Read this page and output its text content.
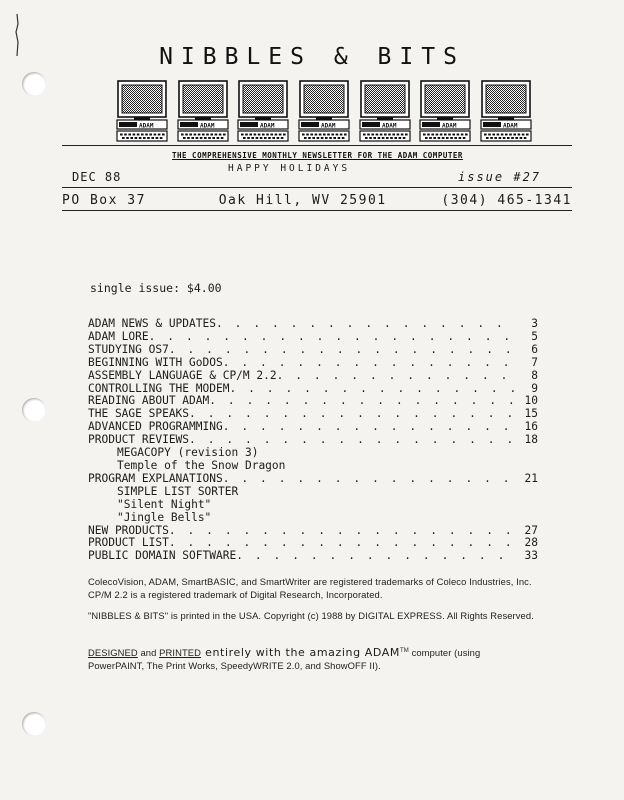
NIBBLES & BITS
ADAM	ADAM	ADAM	ADAM	ADAM	ADAM	ADAM
THE COMPREHENSIVE MONTHLY NEWSLETTER FOR THE ADAM COMPUTER
DEC 88
HAPPY HOLIDAYS
issue #27
PO Box 37	Oak Hill, WV 25901	(304) 465-1341
single issue: $4.00
ADAM NEWS & UPDATES . . .	3
ADAM LORE . . .	5
STUDYING OS7 . . .	6
BEGINNING WITH GoDOS . . .	7
ASSEMBLY LANGUAGE & CP/M 2.2 . . .	8
CONTROLLING THE MODEM . . .	9
READING ABOUT ADAM . . .	10
THE SAGE SPEAKS . . .	15
ADVANCED PROGRAMMING . . .	16
PRODUCT REVIEWS . . .	18
MEGACOPY (revision 3)
Temple of the Snow Dragon
PROGRAM EXPLANATIONS . . .	21
SIMPLE LIST SORTER
"Silent Night"
"Jingle Bells"
NEW PRODUCTS . . .	27
PRODUCT LIST . . .	28
PUBLIC DOMAIN SOFTWARE . . .	33
ColecoVision, ADAM, SmartBASIC, and SmartWriter are registered trademarks of Coleco Industries, Inc. CP/M 2.2 is a registered trademark of Digital Research, Incorporated.
"NIBBLES & BITS" is printed in the USA. Copyright (c) 1988 by DIGITAL EXPRESS. All Rights Reserved.
DESIGNED and PRINTED entirely with the amazing ADAM™ computer (using PowerPAINT, The Print Works, SpeedyWRITE 2.0, and ShowOFF II).
